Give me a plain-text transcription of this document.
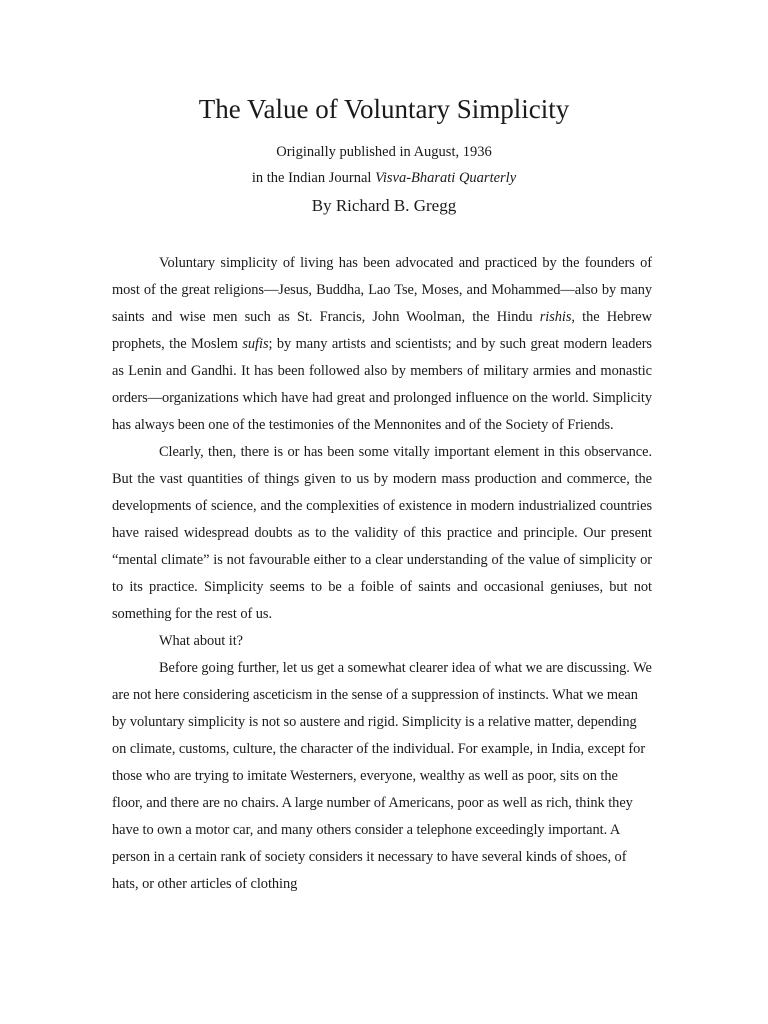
The Value of Voluntary Simplicity

Originally published in August, 1936

in the Indian Journal Visva-Bharati Quarterly

By Richard B. Gregg

Voluntary simplicity of living has been advocated and practiced by the founders of most of the great religions—Jesus, Buddha, Lao Tse, Moses, and Mohammed—also by many saints and wise men such as St. Francis, John Woolman, the Hindu rishis, the Hebrew prophets, the Moslem sufis; by many artists and scientists; and by such great modern leaders as Lenin and Gandhi. It has been followed also by members of military armies and monastic orders—organizations which have had great and prolonged influence on the world. Simplicity has always been one of the testimonies of the Mennonites and of the Society of Friends.

Clearly, then, there is or has been some vitally important element in this observance. But the vast quantities of things given to us by modern mass production and commerce, the developments of science, and the complexities of existence in modern industrialized countries have raised widespread doubts as to the validity of this practice and principle. Our present “mental climate” is not favourable either to a clear understanding of the value of simplicity or to its practice. Simplicity seems to be a foible of saints and occasional geniuses, but not something for the rest of us.

What about it?

Before going further, let us get a somewhat clearer idea of what we are discussing. We are not here considering asceticism in the sense of a suppression of instincts. What we mean by voluntary simplicity is not so austere and rigid. Simplicity is a relative matter, depending on climate, customs, culture, the character of the individual. For example, in India, except for those who are trying to imitate Westerners, everyone, wealthy as well as poor, sits on the floor, and there are no chairs. A large number of Americans, poor as well as rich, think they have to own a motor car, and many others consider a telephone exceedingly important. A person in a certain rank of society considers it necessary to have several kinds of shoes, of hats, or other articles of clothing
